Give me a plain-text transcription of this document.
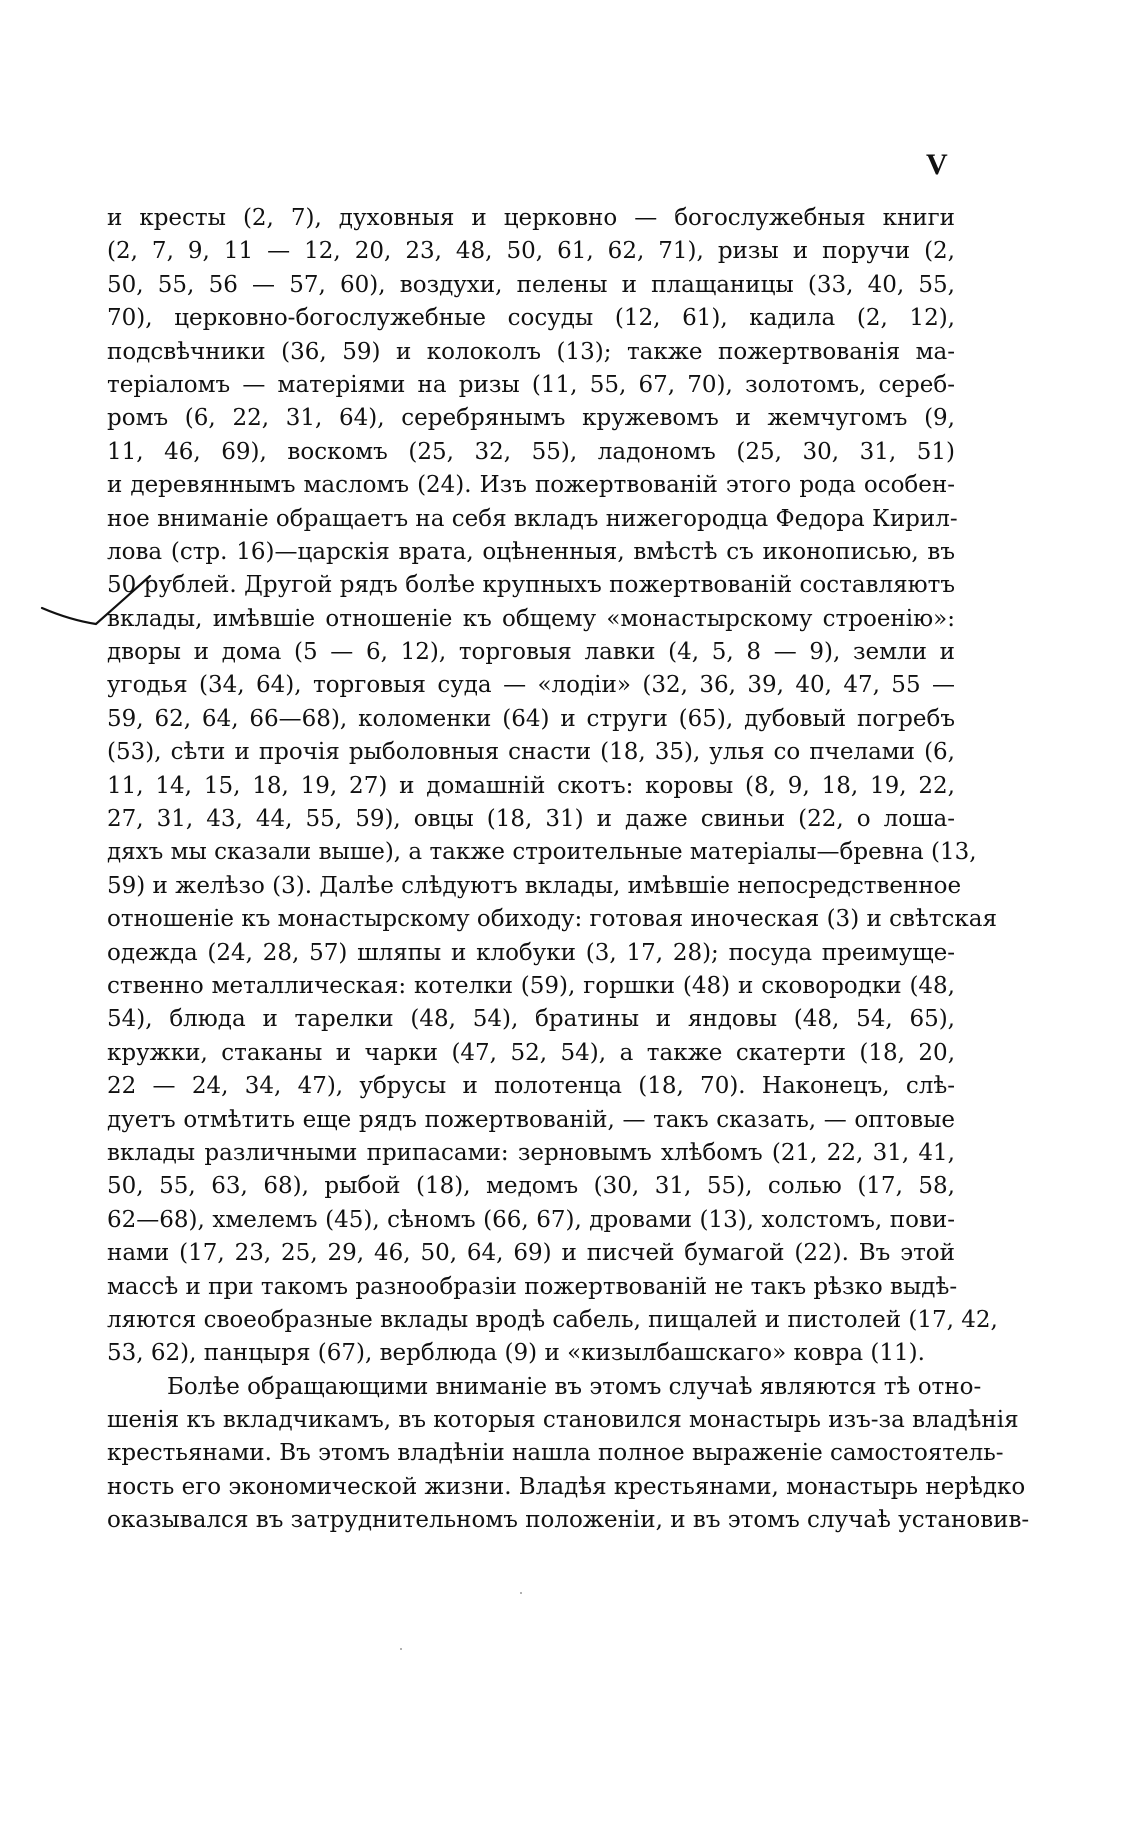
V
и кресты (2, 7), духовныя и церковно — богослужебныя книги
(2, 7, 9, 11 — 12, 20, 23, 48, 50, 61, 62, 71), ризы и поручи (2,
50, 55, 56 — 57, 60), воздухи, пелены и плащаницы (33, 40, 55,
70), церковно-богослужебные сосуды (12, 61), кадила (2, 12),
подсвѣчники (36, 59) и колоколъ (13); также пожертвованія ма-
теріаломъ — матеріями на ризы (11, 55, 67, 70), золотомъ, сереб-
ромъ (6, 22, 31, 64), серебрянымъ кружевомъ и жемчугомъ (9,
11, 46, 69), воскомъ (25, 32, 55), ладономъ (25, 30, 31, 51)
и деревяннымъ масломъ (24). Изъ пожертвованій этого рода особен-
ное вниманіе обращаетъ на себя вкладъ нижегородца Федора Кирил-
лова (стр. 16)—царскія врата, оцѣненныя, вмѣстѣ съ иконописью, въ
50 рублей. Другой рядъ болѣе крупныхъ пожертвованій составляютъ
вклады, имѣвшіе отношеніе къ общему «монастырскому строенію»:
дворы и дома (5 — 6, 12), торговыя лавки (4, 5, 8 — 9), земли и
угодья (34, 64), торговыя суда — «лодіи» (32, 36, 39, 40, 47, 55 —
59, 62, 64, 66—68), коломенки (64) и струги (65), дубовый погребъ
(53), сѣти и прочія рыболовныя снасти (18, 35), улья со пчелами (6,
11, 14, 15, 18, 19, 27) и домашній скотъ: коровы (8, 9, 18, 19, 22,
27, 31, 43, 44, 55, 59), овцы (18, 31) и даже свиньи (22, о лоша-
дяхъ мы сказали выше), а также строительные матеріалы—бревна (13,
59) и желѣзо (3). Далѣе слѣдуютъ вклады, имѣвшіе непосредственное
отношеніе къ монастырскому обиходу: готовая иноческая (3) и свѣтская
одежда (24, 28, 57) шляпы и клобуки (3, 17, 28); посуда преимуще-
ственно металлическая: котелки (59), горшки (48) и сковородки (48,
54), блюда и тарелки (48, 54), братины и яндовы (48, 54, 65),
кружки, стаканы и чарки (47, 52, 54), а также скатерти (18, 20,
22 — 24, 34, 47), убрусы и полотенца (18, 70). Наконецъ, слѣ-
дуетъ отмѣтить еще рядъ пожертвованій, — такъ сказать, — оптовые
вклады различными припасами: зерновымъ хлѣбомъ (21, 22, 31, 41,
50, 55, 63, 68), рыбой (18), медомъ (30, 31, 55), солью (17, 58,
62—68), хмелемъ (45), сѣномъ (66, 67), дровами (13), холстомъ, пови-
нами (17, 23, 25, 29, 46, 50, 64, 69) и писчей бумагой (22). Въ этой
массѣ и при такомъ разнообразіи пожертвованій не такъ рѣзко выдѣ-
ляются своеобразные вклады вродѣ сабель, пищалей и пистолей (17, 42,
53, 62), панцыря (67), верблюда (9) и «кизылбашскаго» ковра (11).
Болѣе обращающими вниманіе въ этомъ случаѣ являются тѣ отно-
шенія къ вкладчикамъ, въ которыя становился монастырь изъ-за владѣнія
крестьянами. Въ этомъ владѣніи нашла полное выраженіе самостоятель-
ность его экономической жизни. Владѣя крестьянами, монастырь нерѣдко
оказывался въ затруднительномъ положеніи, и въ этомъ случаѣ установив-
